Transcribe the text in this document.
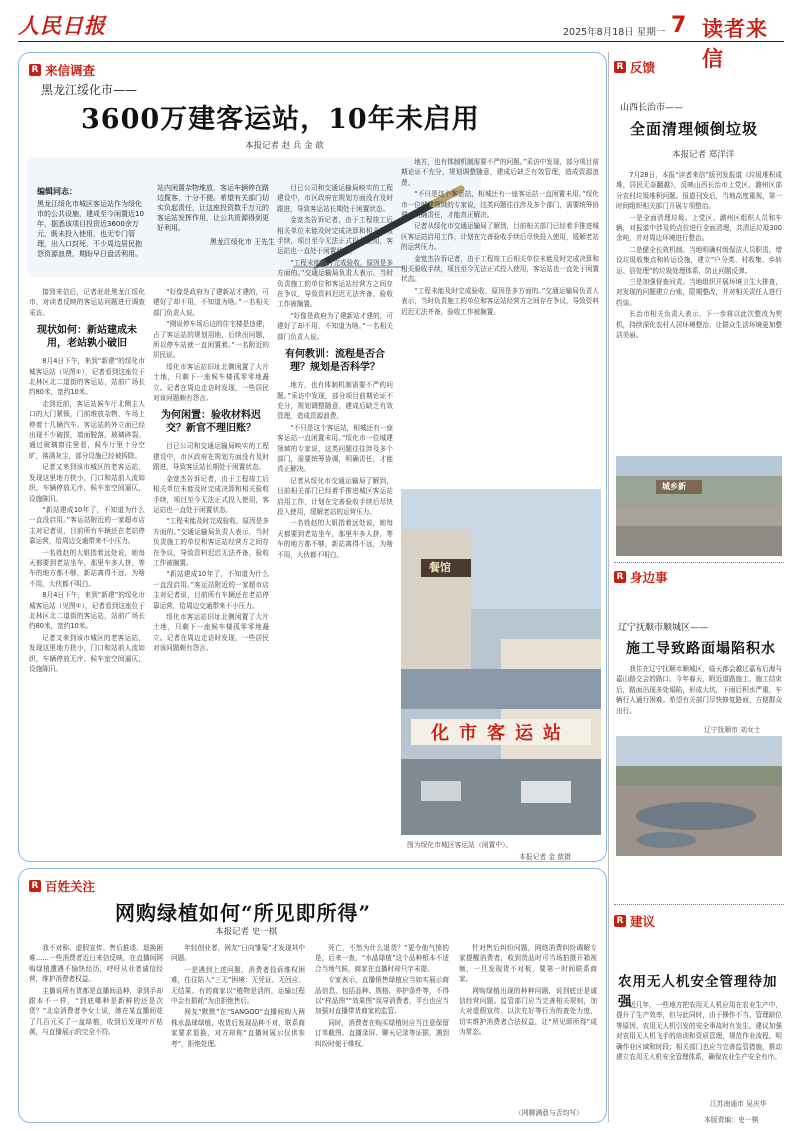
人民日报	2025年8月18日 星期一 7 读者来信
R 来信调查
黑龙江绥化市——
3600万建客运站，10年未启用
本报记者 赵 兵 金 歆
编辑同志：
黑龙江绥化市城区客运站作为绥化市的公共设施，建成至今闲置近10年，据悉该项目投资近3600余万元，既未投入使用，也无专门管理，出入口封死，不少周边居民抱怨资源浪费，期盼早日盘活利用。
站内闲置杂物堆放，客运车辆停在路边揽客，十分不便。希望有关部门切实负起责任，让这座投资数千万元的客运站发挥作用，让公共资源得到更好利用。
黑龙江绥化市 王先生

接到来信后，记者赶赴黑龙江绥化市，对读者反映的客运站问题进行调查采访。

现状如何：新站建成未用，老站孰小破旧

8月4日下午，来到“新建”的绥化市城客运站（见图①），记者看到这座位于北林区北二道街的客运站，站前广场长约80米，宽约10米。

走到近前，客运站候车厅北侧主人口的大门紧锁，门前堆放杂物，车场上停着十几辆汽车。客运站的外立面已经出现不少破损，墙面脱落，玻璃碎裂。通过玻璃窗往里看，候车厅里十分空旷，落满灰尘，部分设施已经被拆除。

记者又来到该市城区的老客运站，发现这里地方狭小，门口和站前人流如织，车辆停放无序，候车室空间逼仄，设施陈旧。

“新站建成10年了，不知道为什么一直没启用。”客运站附近的一家超市店主对记者说，目前所有车辆还在老站停靠运营，给周边交通带来不小压力。

一名姓赵的大姐指着远处说，她每天都要到老站坐车，那里车多人挤，等车的地方都不够，新站离得不远，为啥不用，大伙都不明白。

8月4日下午，来到“新建”的绥化市城客运站（见图①），记者看到这座位于北林区北二道街的客运站，站前广场长约80米，宽约10米。

记者又来到该市城区的老客运站，发现这里地方狭小，门口和站前人流如织，车辆停放无序，候车室空间逼仄，设施陈旧。

“好像是政府为了建新站才建的，可建好了却不用，不知道为啥。”一名相关部门负责人说。

“刚说停车场后边的住宅楼是违建，占了客运站的规划用地，后续出问题，所以停车站就一直闲置着。”一名附近的居民说。

绥化市客运站旧址北侧闲置了大片土地，只剩下一座候车楼孤零零地矗立。记者在周边走访时发现，一些居民对该问题颇有怨言。

为何闲置：验收材料迟交？新官不理旧账？

目已公司和交通运输局映实的工程建设中，市区政府在规划方面没有及时跟进，导致客运站长期处于闲置状态。

金宽杰告诉记者，由于工程竣工后相关单位未能及时完成决算和相关验收手续，项目至今无法正式投入使用，客运站也一直处于闲置状态。

“工程未能及时完成验收，原因是多方面的。”交通运输局负责人表示，当时负责施工的单位和客运站经营方之间存在争议，导致资料迟迟无法齐备，验收工作被搁置。

“新站建成10年了，不知道为什么一直没启用。”客运站附近的一家超市店主对记者说，目前所有车辆还在老站停靠运营，给周边交通带来不小压力。

绥化市客运站旧址北侧闲置了大片土地，只剩下一座候车楼孤零零地矗立。记者在周边走访时发现，一些居民对该问题颇有怨言。

目已公司和交通运输局映实的工程建设中，市区政府在规划方面没有及时跟进，导致客运站长期处于闲置状态。

金宽杰告诉记者，由于工程竣工后相关单位未能及时完成决算和相关验收手续，项目至今无法正式投入使用，客运站也一直处于闲置状态。

“工程未能及时完成验收，原因是多方面的。”交通运输局负责人表示，当时负责施工的单位和客运站经营方之间存在争议，导致资料迟迟无法齐备，验收工作被搁置。

“好像是政府为了建新站才建的，可建好了却不用，不知道为啥。”一名相关部门负责人说。

有何教训：流程是否合理？规划是否科学？

地方，也有体制机制需要不严的问题。”采访中发现，部分项目前期论证不充分，规划调整随意，建成后缺乏有效管理，造成资源浪费。

“不只是这个客运站，相城还有一座客运站一直闲置未用。”绥化市一位城建领域的专家说，这类问题往往涉及多个部门，需要统筹协调，明确责任，才能真正解决。

记者从绥化市交通运输局了解到，目前相关部门已经着手推进城区客运站启用工作，计划在完善验收手续后尽快投入使用，缓解老站的运营压力。

一名姓赵的大姐指着远处说，她每天都要到老站坐车，那里车多人挤，等车的地方都不够，新站离得不远，为啥不用，大伙都不明白。

地方，也有体制机制需要不严的问题。”采访中发现，部分项目前期论证不充分，规划调整随意，建成后缺乏有效管理，造成资源浪费。

“不只是这个客运站，相城还有一座客运站一直闲置未用。”绥化市一位城建领域的专家说，这类问题往往涉及多个部门，需要统筹协调，明确责任，才能真正解决。

记者从绥化市交通运输局了解到，目前相关部门已经着手推进城区客运站启用工作，计划在完善验收手续后尽快投入使用，缓解老站的运营压力。

金宽杰告诉记者，由于工程竣工后相关单位未能及时完成决算和相关验收手续，项目至今无法正式投入使用，客运站也一直处于闲置状态。

“工程未能及时完成验收，原因是多方面的。”交通运输局负责人表示，当时负责施工的单位和客运站经营方之间存在争议，导致资料迟迟无法齐备，验收工作被搁置。

餐馆
化市客运站
图为绥化市城区客运站（闲置中）。
本报记者 金 歆摄
R 百姓关注
网购绿植如何“所见即所得”
本报记者 史一棋

我不对称、虚假宣传、售后推诿、退换困难……一些消费者近日来信反映，在直播间网购绿植遭遇不愉快经历，呼吁从业者诚信经营，维护消费者权益。

主播说所有货都是直播间品种，拿到手却跟本不一样，“到底哪种是新鲜的还是次货？”北京消费者李女士说，她在某直播间花了几百元买了一盆绿植，收到后发现叶片枯黄，与直播展示的完全不符。

年轻创业者，网友“日向雏菊”才发现其中问题。

一是遇到上述问题，消费者投诉维权困难，往往陷入“三无”困境：无凭证、无回应、无结果。有的商家以“植物是活的，运输过程中会有损耗”为由拒绝售后。

网友“默默”在“SANGOO”直播间购入两株水晶球绿植，收货后发现品种不对，联系商家要求退换，对方却称“直播间展示仅供参考”，拒绝处理。

死亡，不然为什么退货？”更令他气愤的是，后来一查，“水晶绿植”这个品种根本不适合当地气候，商家在直播时却只字未提。

专家表示，直播销售绿植应当如实展示商品信息，包括品种、规格、养护条件等，不得以“样品图”“效果图”误导消费者，平台也应当加强对直播带货商家的监管。

同时，消费者在购买绿植时应当注意保留订单截图、直播录屏、聊天记录等证据，遇到纠纷时便于维权。

针对售后纠纷问题，网络消费纠纷调解专家提醒消费者，收到货品时可当场拍摄开箱视频，一旦发现货不对板，要第一时间联系商家。

网购绿植出现的种种问题，说到底还是诚信经营问题。监管部门应当完善相关规则，加大对虚假宣传、以次充好等行为的查处力度，切实维护消费者合法权益，让“所见即所得”成为常态。

（网聊满意与否均写）
R 反馈
山西长治市——
全面清理倾倒垃圾
本报记者 郑洋洋

7月28日，本报“读者来信”版刊发报道《垃圾堆积成堆，居民无奈翻越》，反映山西长治市上党区、潞州区部分农村垃圾堆积问题。报道刊发后，当地高度重视，第一时间组织相关部门开展专项整治。

一是全面清理垃圾。上党区、潞州区组织人员和车辆，对报道中涉及的点位进行全面清理，共清运垃圾300余吨，并对周边环境进行整治。

二是健全长效机制。当地明确村级保洁人员职责，增设垃圾收集点和转运设施，建立“户分类、村收集、乡转运、县处理”的垃圾处理体系，防止问题反弹。

三是加强督查问责。当地组织开展环境卫生大排查，对发现的问题建立台账，限期整改，并对相关责任人进行约谈。

长治市相关负责人表示，下一步将以此次整改为契机，持续深化农村人居环境整治，让群众生活环境更加整洁美丽。

城乡新
R 身边事
辽宁抚顺市顺城区——
施工导致路面塌陷积水

我住在辽宁抚顺市顺城区，临天都会越过嘉布后海与嘉山路交会的路口。今年春天，附近道路施工，施工结束后，路面出现多处塌陷，形成大坑，下雨后积水严重，车辆行人通行困难。希望有关部门尽快修复路面，方便群众出行。

辽宁抚顺市 刘女士
R 建议
农用无人机安全管理待加强

近几年，一些地方把农用无人机应用在农业生产中，提升了生产效率，但与此同时，由于操作不当、管理缺位等原因，农用无人机引发的安全事故时有发生。建议加强对农用无人机飞手的培训和资质管理，规范作业流程，明确作业区域和时段；相关部门也应当完善监管措施，推动建立农用无人机安全管理体系，确保农业生产安全有序。

江苏南通市 吴庆华
本版责编：史一棋
